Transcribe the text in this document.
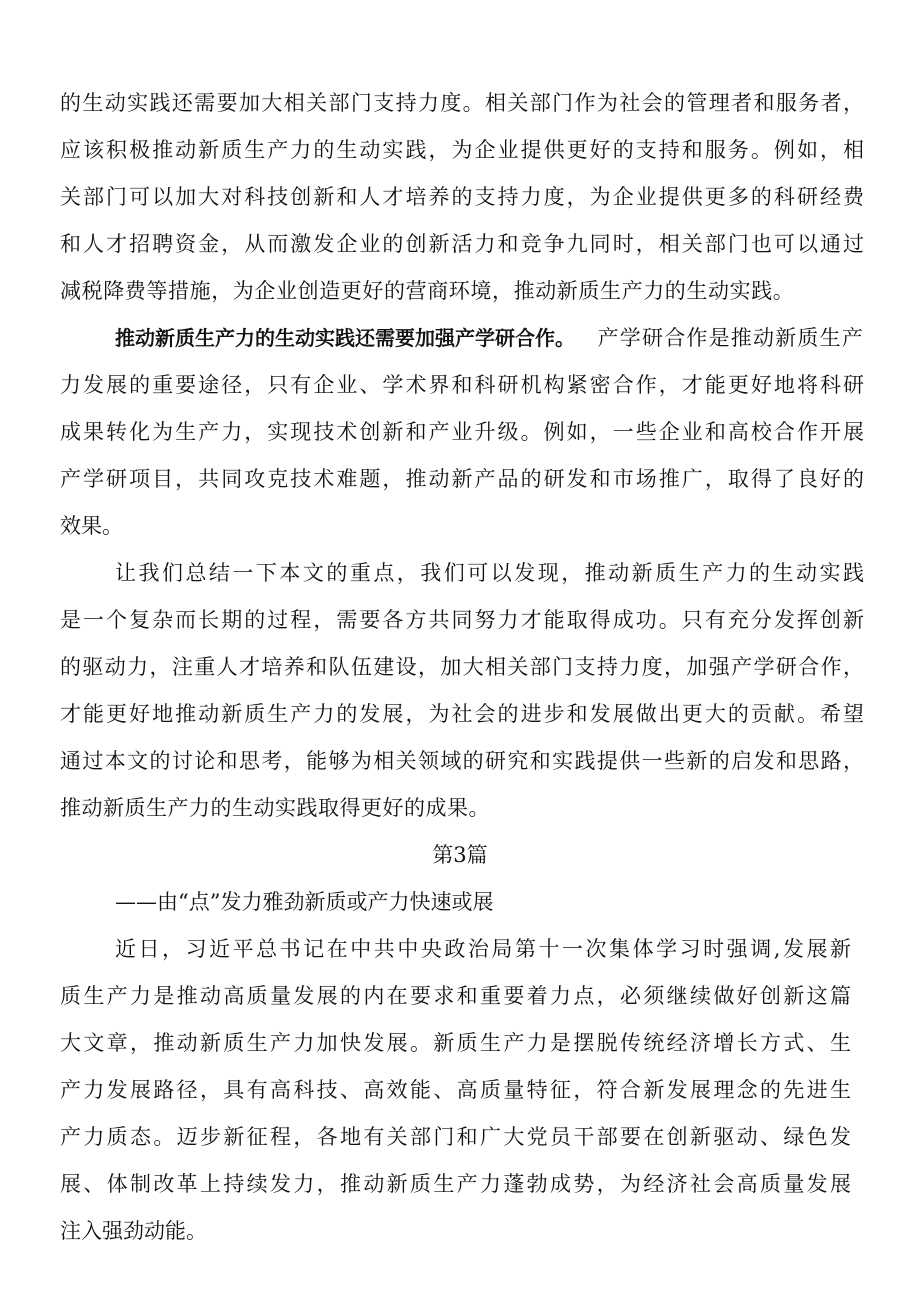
的生动实践还需要加大相关部门支持力度。相关部门作为社会的管理者和服务者，
应该积极推动新质生产力的生动实践，为企业提供更好的支持和服务。例如，相
关部门可以加大对科技创新和人才培养的支持力度，为企业提供更多的科研经费
和人才招聘资金，从而激发企业的创新活力和竞争九同时，相关部门也可以通过
减税降费等措施，为企业创造更好的营商环境，推动新质生产力的生动实践。
推动新质生产力的生动实践还需要加强产学研合作。 产学研合作是推动新质生产
力发展的重要途径，只有企业、学术界和科研机构紧密合作，才能更好地将科研
成果转化为生产力，实现技术创新和产业升级。例如，一些企业和高校合作开展
产学研项目，共同攻克技术难题，推动新产品的研发和市场推广，取得了良好的
效果。
让我们总结一下本文的重点，我们可以发现，推动新质生产力的生动实践
是一个复杂而长期的过程，需要各方共同努力才能取得成功。只有充分发挥创新
的驱动力，注重人才培养和队伍建设，加大相关部门支持力度，加强产学研合作，
才能更好地推动新质生产力的发展，为社会的进步和发展做出更大的贡献。希望
通过本文的讨论和思考，能够为相关领域的研究和实践提供一些新的启发和思路，
推动新质生产力的生动实践取得更好的成果。
第3篇
——由“点”发力雅劲新质或产力快速或展
近日，习近平总书记在中共中央政治局第十一次集体学习时强调,发展新
质生产力是推动高质量发展的内在要求和重要着力点，必须继续做好创新这篇
大文章，推动新质生产力加快发展。新质生产力是摆脱传统经济增长方式、生
产力发展路径，具有高科技、高效能、高质量特征，符合新发展理念的先进生
产力质态。迈步新征程，各地有关部门和广大党员干部要在创新驱动、绿色发
展、体制改革上持续发力，推动新质生产力蓬勃成势，为经济社会高质量发展
注入强劲动能。
